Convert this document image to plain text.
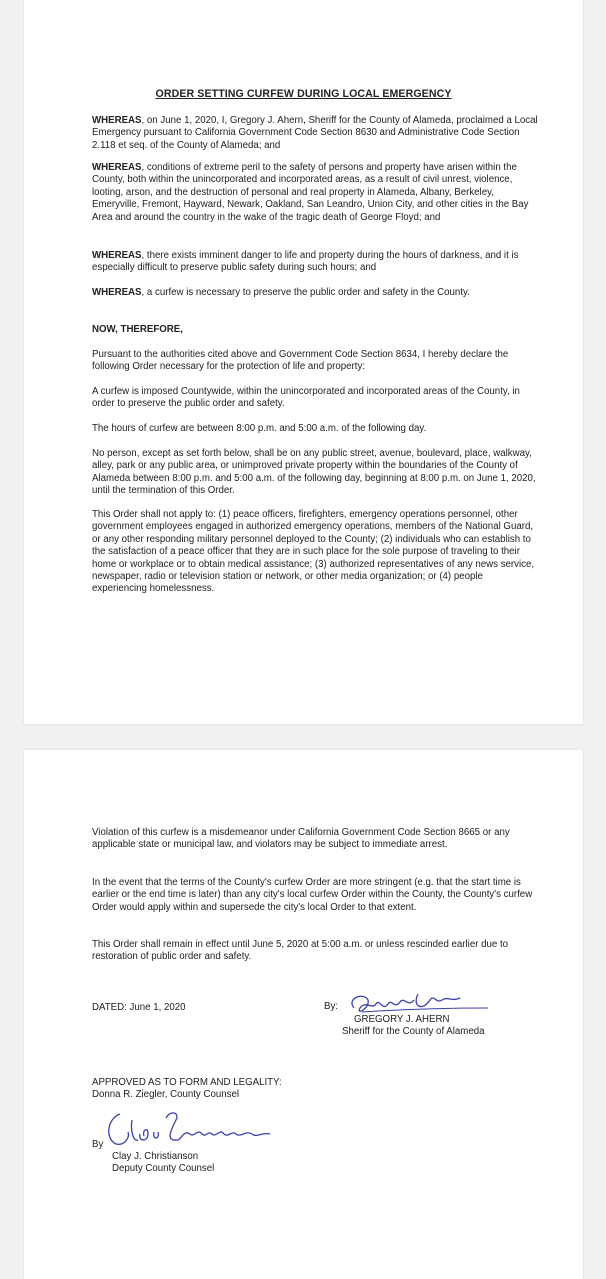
ORDER SETTING CURFEW DURING LOCAL EMERGENCY

WHEREAS, on June 1, 2020, I, Gregory J. Ahern, Sheriff for the County of Alameda, proclaimed a Local Emergency pursuant to California Government Code Section 8630 and Administrative Code Section 2.118 et seq. of the County of Alameda; and

WHEREAS, conditions of extreme peril to the safety of persons and property have arisen within the County, both within the unincorporated and incorporated areas, as a result of civil unrest, violence, looting, arson, and the destruction of personal and real property in Alameda, Albany, Berkeley, Emeryville, Fremont, Hayward, Newark, Oakland, San Leandro, Union City, and other cities in the Bay Area and around the country in the wake of the tragic death of George Floyd; and

WHEREAS, there exists imminent danger to life and property during the hours of darkness, and it is especially difficult to preserve public safety during such hours; and

WHEREAS, a curfew is necessary to preserve the public order and safety in the County.

NOW, THEREFORE,

Pursuant to the authorities cited above and Government Code Section 8634, I hereby declare the following Order necessary for the protection of life and property:

A curfew is imposed Countywide, within the unincorporated and incorporated areas of the County, in order to preserve the public order and safety.

The hours of curfew are between 8:00 p.m. and 5:00 a.m. of the following day.

No person, except as set forth below, shall be on any public street, avenue, boulevard, place, walkway, alley, park or any public area, or unimproved private property within the boundaries of the County of Alameda between 8:00 p.m. and 5:00 a.m. of the following day, beginning at 8:00 p.m. on June 1, 2020, until the termination of this Order.

This Order shall not apply to: (1) peace officers, firefighters, emergency operations personnel, other government employees engaged in authorized emergency operations, members of the National Guard, or any other responding military personnel deployed to the County; (2) individuals who can establish to the satisfaction of a peace officer that they are in such place for the sole purpose of traveling to their home or workplace or to obtain medical assistance; (3) authorized representatives of any news service, newspaper, radio or television station or network, or other media organization; or (4) people experiencing homelessness.

Violation of this curfew is a misdemeanor under California Government Code Section 8665 or any applicable state or municipal law, and violators may be subject to immediate arrest.

In the event that the terms of the County's curfew Order are more stringent (e.g. that the start time is earlier or the end time is later) than any city's local curfew Order within the County, the County's curfew Order would apply within and supersede the city's local Order to that extent.

This Order shall remain in effect until June 5, 2020 at 5:00 a.m. or unless rescinded earlier due to restoration of public order and safety.

DATED: June 1, 2020	By:
GREGORY J. AHERN
Sheriff for the County of Alameda
APPROVED AS TO FORM AND LEGALITY:
Donna R. Ziegler, County Counsel
By
Clay J. Christianson
Deputy County Counsel
